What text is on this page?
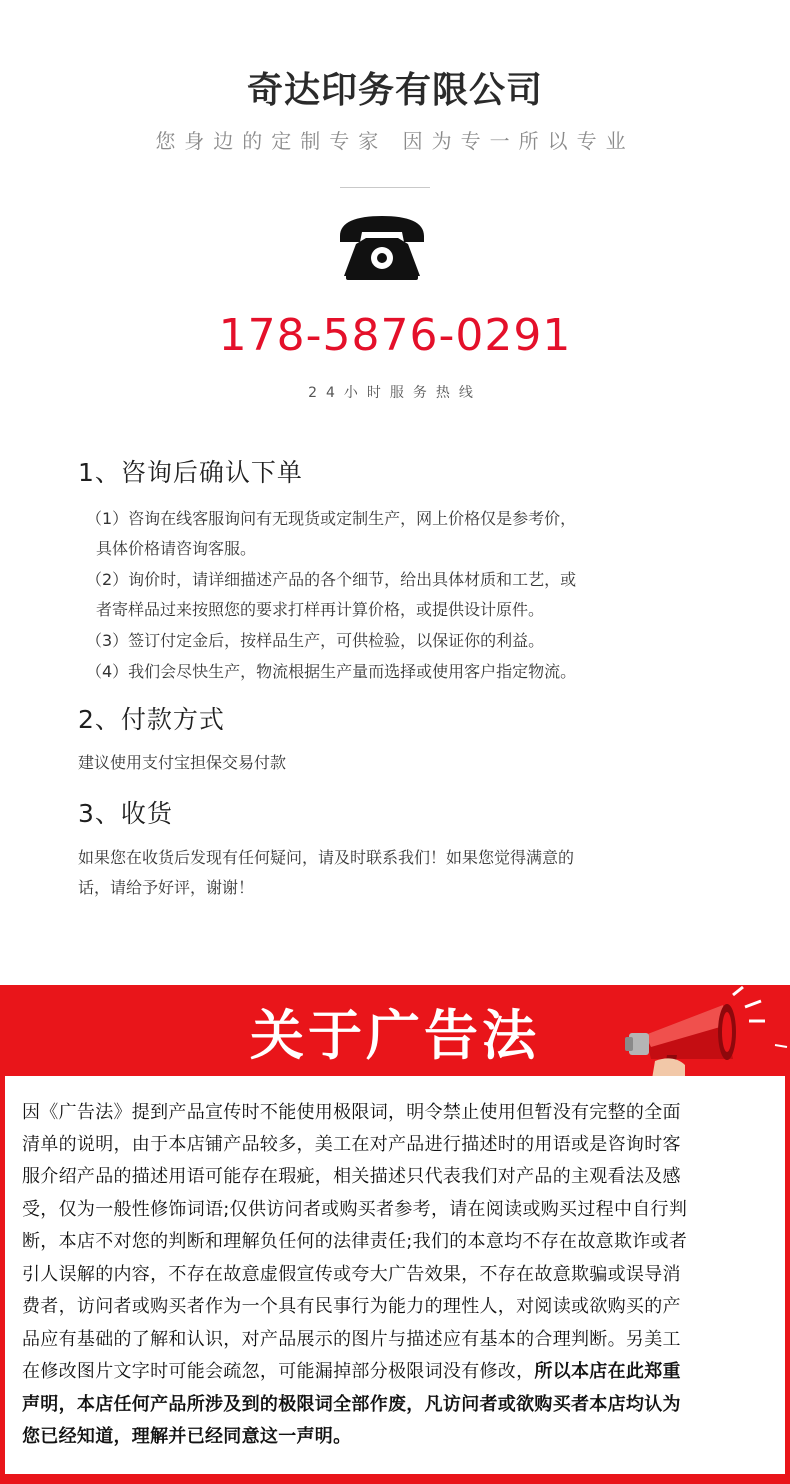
奇达印务有限公司
您身边的定制专家 因为专一所以专业
178-5876-0291
24小时服务热线
1、咨询后确认下单
（1）咨询在线客服询问有无现货或定制生产，网上价格仅是参考价，
具体价格请咨询客服。
（2）询价时，请详细描述产品的各个细节，给出具体材质和工艺，或
者寄样品过来按照您的要求打样再计算价格，或提供设计原件。
（3）签订付定金后，按样品生产，可供检验，以保证你的利益。
（4）我们会尽快生产，物流根据生产量而选择或使用客户指定物流。
2、付款方式
建议使用支付宝担保交易付款
3、收货
如果您在收货后发现有任何疑问，请及时联系我们！如果您觉得满意的
话，请给予好评，谢谢！
关于广告法
因《广告法》提到产品宣传时不能使用极限词，明令禁止使用但暂没有完整的全面
清单的说明，由于本店铺产品较多，美工在对产品进行描述时的用语或是咨询时客
服介绍产品的描述用语可能存在瑕疵，相关描述只代表我们对产品的主观看法及感
受，仅为一般性修饰词语;仅供访问者或购买者参考，请在阅读或购买过程中自行判
断，本店不对您的判断和理解负任何的法律责任;我们的本意均不存在故意欺诈或者
引人误解的内容，不存在故意虚假宣传或夸大广告效果，不存在故意欺骗或误导消
费者，访问者或购买者作为一个具有民事行为能力的理性人，对阅读或欲购买的产
品应有基础的了解和认识，对产品展示的图片与描述应有基本的合理判断。另美工
在修改图片文字时可能会疏忽，可能漏掉部分极限词没有修改，所以本店在此郑重
声明，本店任何产品所涉及到的极限词全部作废，凡访问者或欲购买者本店均认为
您已经知道，理解并已经同意这一声明。
